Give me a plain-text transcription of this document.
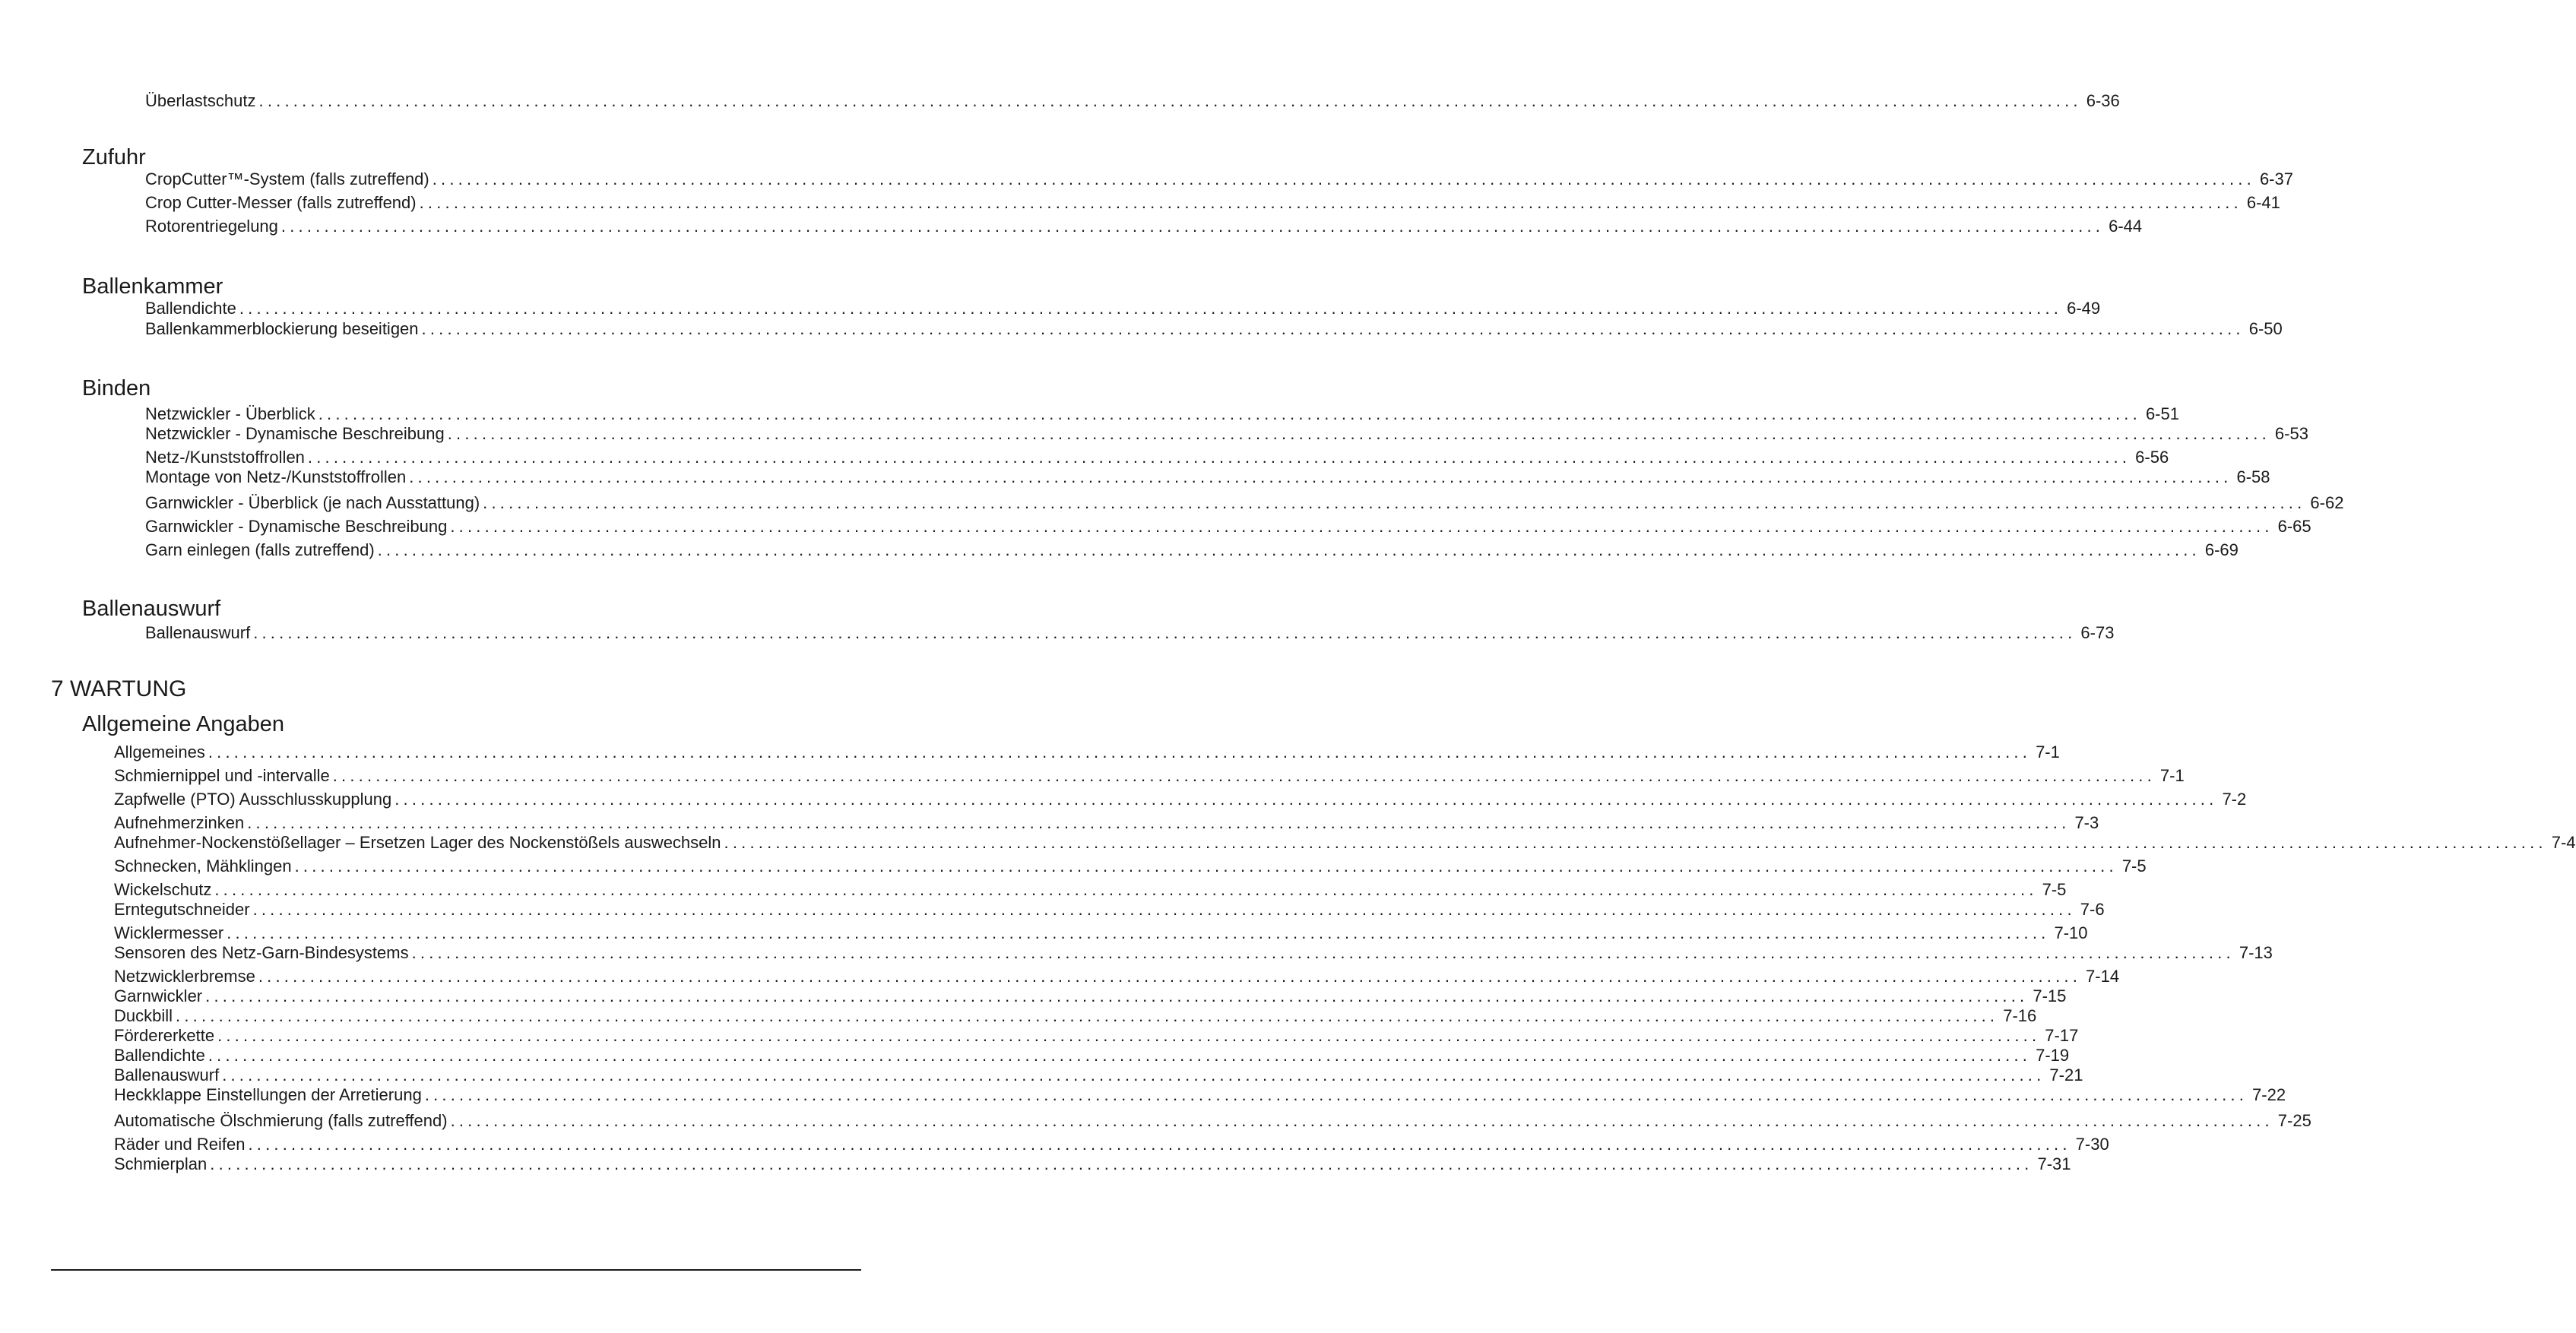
Überlastschutz .................................................................................................................................................................................................................... 6-36
Zufuhr
CropCutter™-System (falls zutreffend) .................................................................................................................................................................................................................... 6-37
Crop Cutter-Messer (falls zutreffend) .................................................................................................................................................................................................................... 6-41
Rotorentriegelung .................................................................................................................................................................................................................... 6-44
Ballenkammer
Ballendichte .................................................................................................................................................................................................................... 6-49
Ballenkammerblockierung beseitigen .................................................................................................................................................................................................................... 6-50
Binden
Netzwickler - Überblick .................................................................................................................................................................................................................... 6-51
Netzwickler - Dynamische Beschreibung .................................................................................................................................................................................................................... 6-53
Netz-/Kunststoffrollen .................................................................................................................................................................................................................... 6-56
Montage von Netz-/Kunststoffrollen .................................................................................................................................................................................................................... 6-58
Garnwickler - Überblick (je nach Ausstattung) .................................................................................................................................................................................................................... 6-62
Garnwickler - Dynamische Beschreibung .................................................................................................................................................................................................................... 6-65
Garn einlegen (falls zutreffend) .................................................................................................................................................................................................................... 6-69
Ballenauswurf
Ballenauswurf .................................................................................................................................................................................................................... 6-73
7 WARTUNG
Allgemeine Angaben
Allgemeines .................................................................................................................................................................................................................... 7-1
Schmiernippel und -intervalle .................................................................................................................................................................................................................... 7-1
Zapfwelle (PTO) Ausschlusskupplung .................................................................................................................................................................................................................... 7-2
Aufnehmerzinken .................................................................................................................................................................................................................... 7-3
Aufnehmer-Nockenstößellager – Ersetzen Lager des Nockenstößels auswechseln .................................................................................................................................................................................................................... 7-4
Schnecken, Mähklingen .................................................................................................................................................................................................................... 7-5
Wickelschutz .................................................................................................................................................................................................................... 7-5
Erntegutschneider .................................................................................................................................................................................................................... 7-6
Wicklermesser .................................................................................................................................................................................................................... 7-10
Sensoren des Netz-Garn-Bindesystems .................................................................................................................................................................................................................... 7-13
Netzwicklerbremse .................................................................................................................................................................................................................... 7-14
Garnwickler .................................................................................................................................................................................................................... 7-15
Duckbill .................................................................................................................................................................................................................... 7-16
Fördererkette .................................................................................................................................................................................................................... 7-17
Ballendichte .................................................................................................................................................................................................................... 7-19
Ballenauswurf .................................................................................................................................................................................................................... 7-21
Heckklappe Einstellungen der Arretierung .................................................................................................................................................................................................................... 7-22
Automatische Ölschmierung (falls zutreffend) .................................................................................................................................................................................................................... 7-25
Räder und Reifen .................................................................................................................................................................................................................... 7-30
Schmierplan .................................................................................................................................................................................................................... 7-31
